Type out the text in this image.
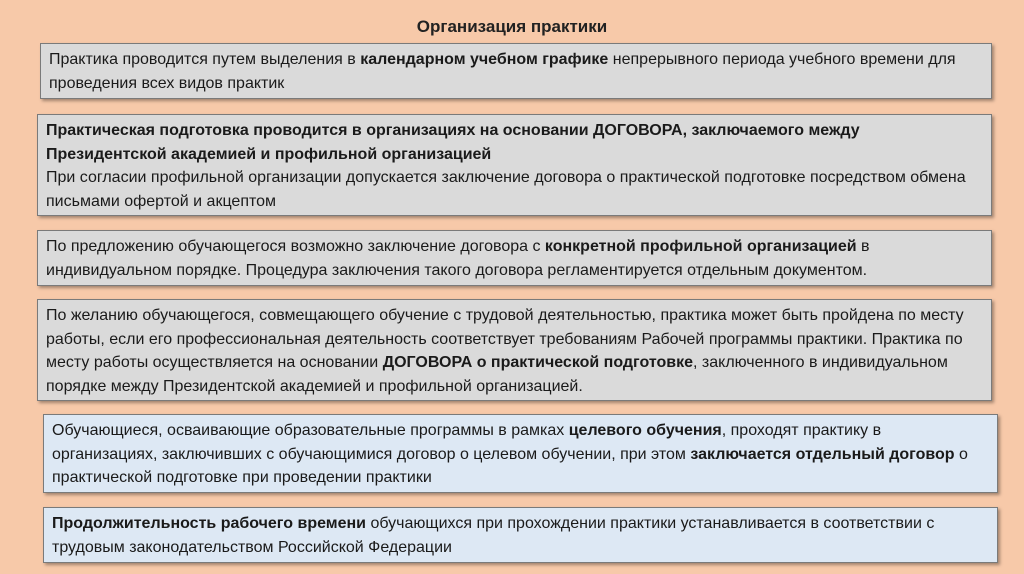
Организация практики
Практика проводится путем выделения в календарном учебном графике непрерывного периода учебного времени для проведения всех видов практик
Практическая подготовка проводится в организациях на основании ДОГОВОРА, заключаемого между Президентской академией и профильной организацией
При согласии профильной организации допускается заключение договора о практической подготовке посредством обмена письмами офертой и акцептом
По предложению обучающегося возможно заключение договора с конкретной профильной организацией в индивидуальном порядке. Процедура заключения такого договора регламентируется отдельным документом.
По желанию обучающегося, совмещающего обучение с трудовой деятельностью, практика может быть пройдена по месту работы, если его профессиональная деятельность соответствует требованиям Рабочей программы практики. Практика по месту работы осуществляется на основании ДОГОВОРА о практической подготовке, заключенного в индивидуальном порядке между Президентской академией и профильной организацией.
Обучающиеся, осваивающие образовательные программы в рамках целевого обучения, проходят практику в организациях, заключивших с обучающимися договор о целевом обучении, при этом заключается отдельный договор о практической подготовке при проведении практики
Продолжительность рабочего времени обучающихся при прохождении практики устанавливается в соответствии с трудовым законодательством Российской Федерации
